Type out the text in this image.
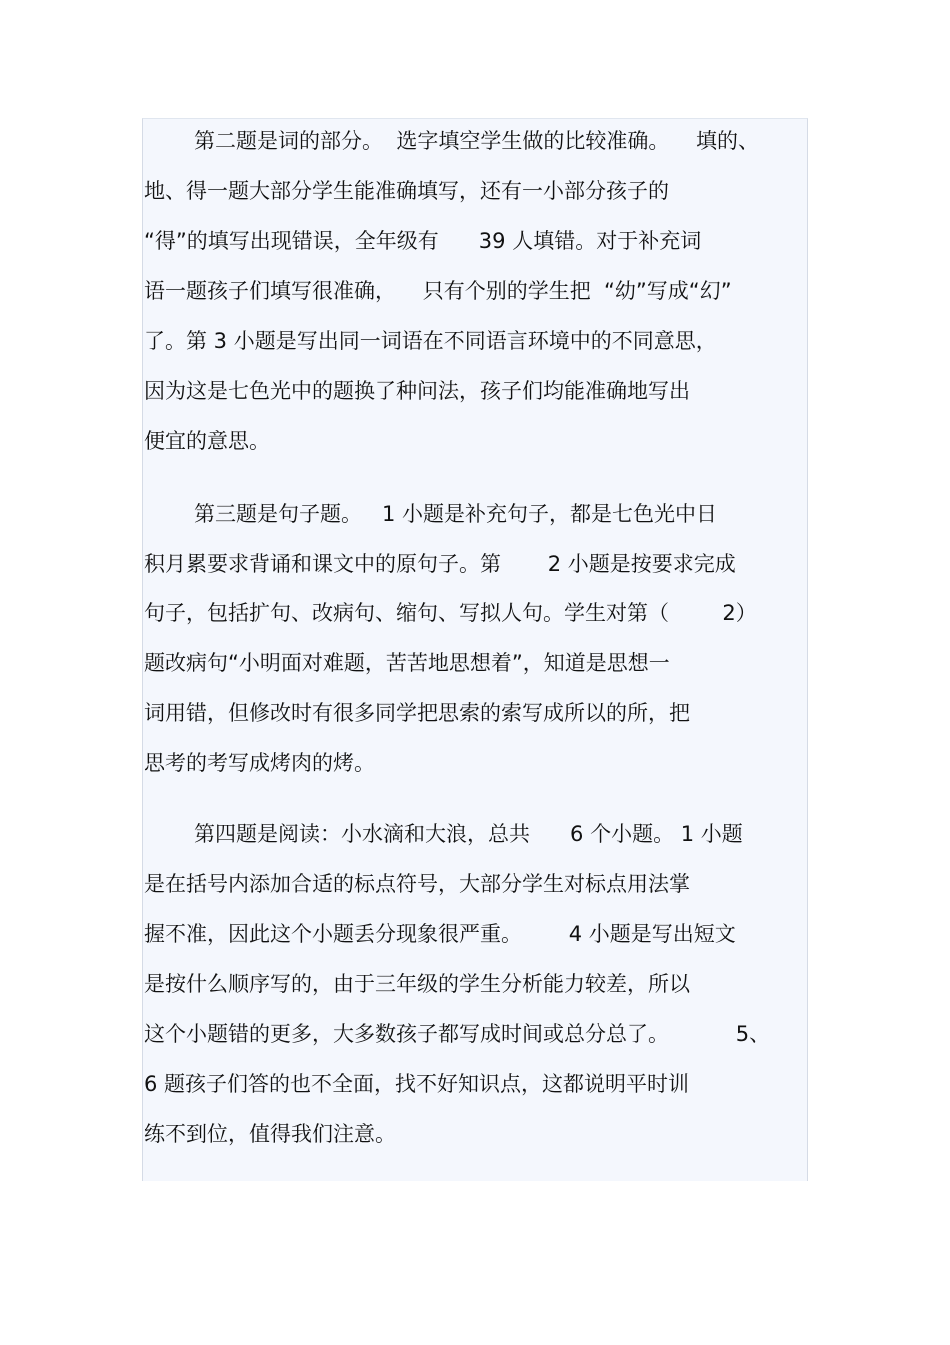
第二题是词的部分。  选字填空学生做的比较准确。    填的、
地、得一题大部分学生能准确填写，还有一小部分孩子的
“得”的填写出现错误，全年级有      39 人填错。对于补充词
语一题孩子们填写很准确，    只有个别的学生把  “幼”写成“幻”
了。第 3 小题是写出同一词语在不同语言环境中的不同意思，
因为这是七色光中的题换了种问法，孩子们均能准确地写出
便宜的意思。
第三题是句子题。   1 小题是补充句子，都是七色光中日
积月累要求背诵和课文中的原句子。第       2 小题是按要求完成
句子，包括扩句、改病句、缩句、写拟人句。学生对第（        2）
题改病句“小明面对难题，苦苦地思想着”，知道是思想一
词用错，但修改时有很多同学把思索的索写成所以的所，把
思考的考写成烤肉的烤。
第四题是阅读：小水滴和大浪，总共      6 个小题。 1 小题
是在括号内添加合适的标点符号，大部分学生对标点用法掌
握不准，因此这个小题丢分现象很严重。       4 小题是写出短文
是按什么顺序写的，由于三年级的学生分析能力较差，所以
这个小题错的更多，大多数孩子都写成时间或总分总了。          5、
6 题孩子们答的也不全面，找不好知识点，这都说明平时训
练不到位，值得我们注意。
